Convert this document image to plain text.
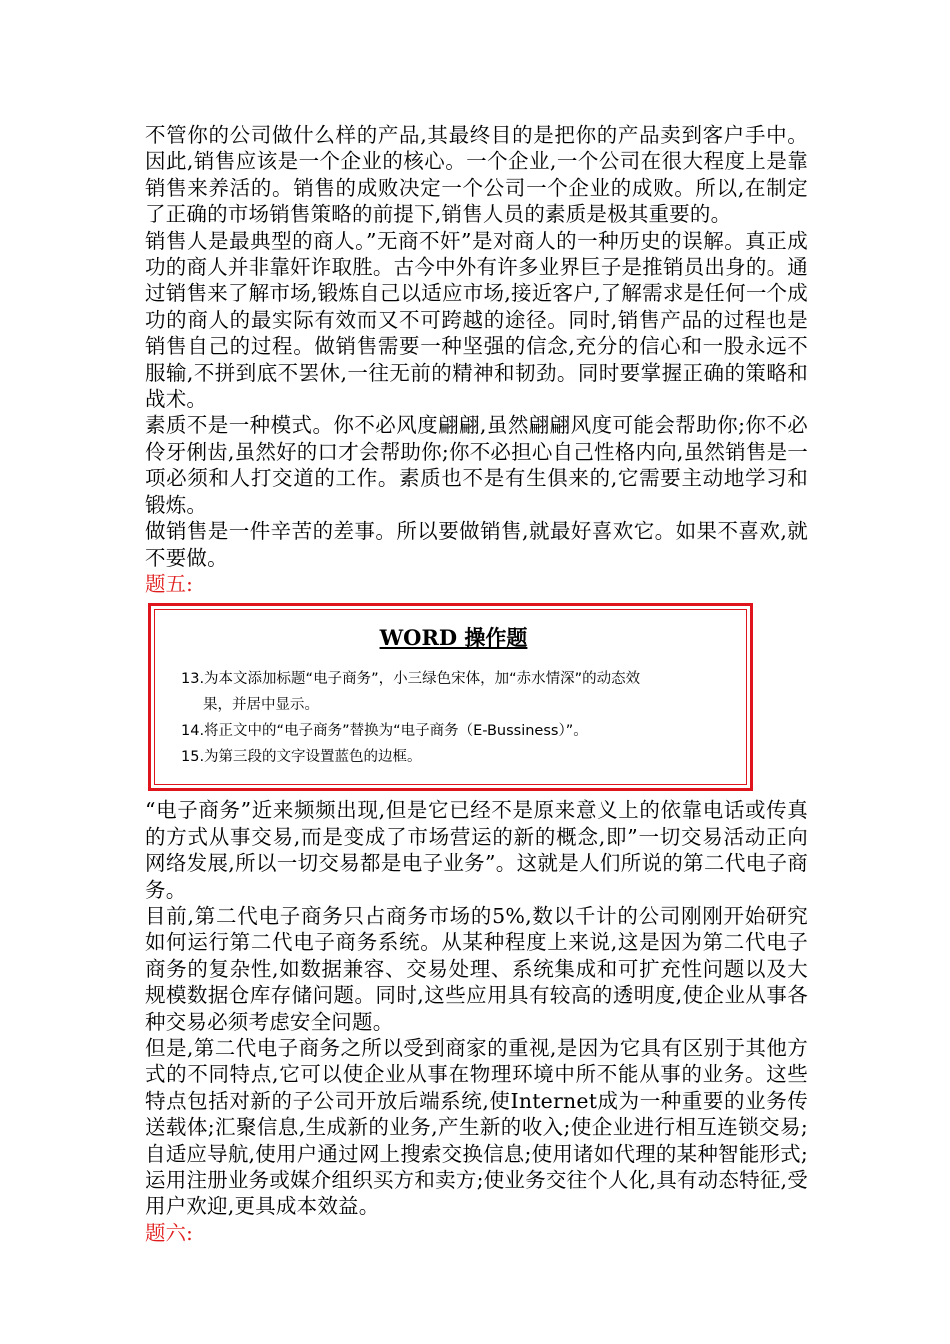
不管你的公司做什么样的产品,其最终目的是把你的产品卖到客户手中。因此,销售应该是一个企业的核心。一个企业,一个公司在很大程度上是靠销售来养活的。销售的成败决定一个公司一个企业的成败。所以,在制定了正确的市场销售策略的前提下,销售人员的素质是极其重要的。

销售人是最典型的商人。”无商不奸”是对商人的一种历史的误解。真正成功的商人并非靠奸诈取胜。古今中外有许多业界巨子是推销员出身的。通过销售来了解市场,锻炼自己以适应市场,接近客户,了解需求是任何一个成功的商人的最实际有效而又不可跨越的途径。同时,销售产品的过程也是销售自己的过程。做销售需要一种坚强的信念,充分的信心和一股永远不服输,不拼到底不罢休,一往无前的精神和韧劲。同时要掌握正确的策略和战术。

素质不是一种模式。你不必风度翩翩,虽然翩翩风度可能会帮助你;你不必伶牙俐齿,虽然好的口才会帮助你;你不必担心自己性格内向,虽然销售是一项必须和人打交道的工作。素质也不是有生俱来的,它需要主动地学习和锻炼。

做销售是一件辛苦的差事。所以要做销售,就最好喜欢它。如果不喜欢,就不要做。

题五:

WORD 操作题

13.为本文添加标题“电子商务”，小三绿色宋体，加“赤水情深”的动态效

果，并居中显示。

14.将正文中的“电子商务”替换为“电子商务（E-Bussiness）”。

15.为第三段的文字设置蓝色的边框。

“电子商务”近来频频出现,但是它已经不是原来意义上的依靠电话或传真的方式从事交易,而是变成了市场营运的新的概念,即”一切交易活动正向网络发展,所以一切交易都是电子业务”。这就是人们所说的第二代电子商务。

目前,第二代电子商务只占商务市场的5%,数以千计的公司刚刚开始研究如何运行第二代电子商务系统。从某种程度上来说,这是因为第二代电子商务的复杂性,如数据兼容、交易处理、系统集成和可扩充性问题以及大规模数据仓库存储问题。同时,这些应用具有较高的透明度,使企业从事各种交易必须考虑安全问题。

但是,第二代电子商务之所以受到商家的重视,是因为它具有区别于其他方式的不同特点,它可以使企业从事在物理环境中所不能从事的业务。这些特点包括对新的子公司开放后端系统,使Internet成为一种重要的业务传送载体;汇聚信息,生成新的业务,产生新的收入;使企业进行相互连锁交易;自适应导航,使用户通过网上搜索交换信息;使用诸如代理的某种智能形式;运用注册业务或媒介组织买方和卖方;使业务交往个人化,具有动态特征,受用户欢迎,更具成本效益。

题六:
